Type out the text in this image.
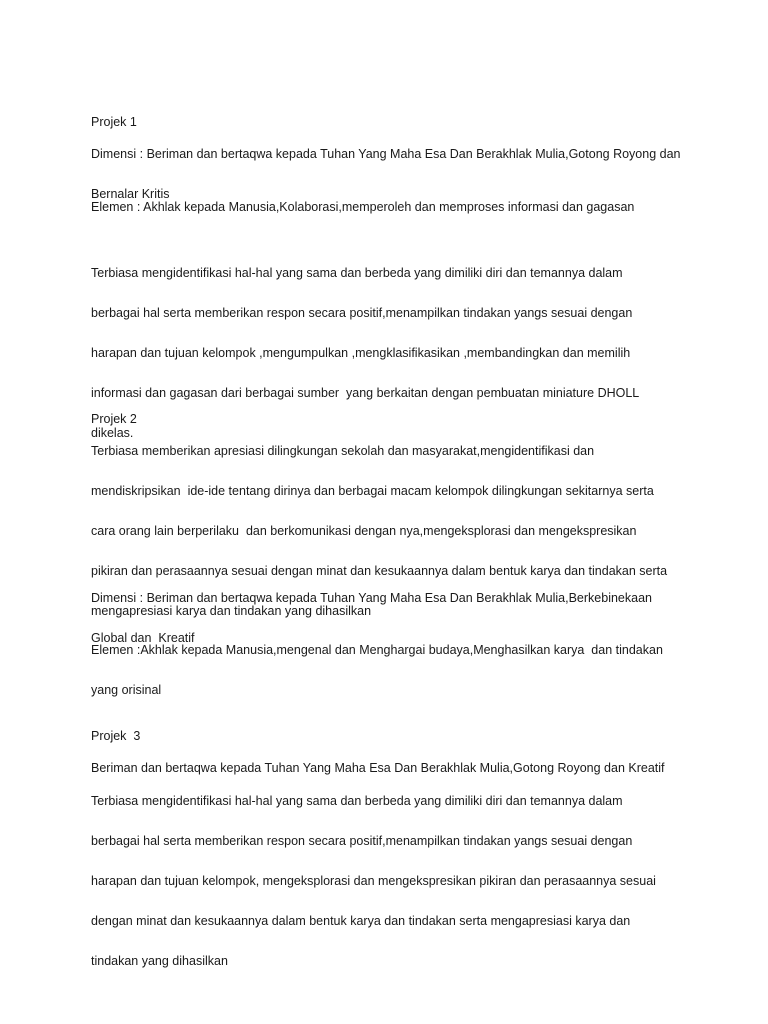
Projek 1

Dimensi : Beriman dan bertaqwa kepada Tuhan Yang Maha Esa Dan Berakhlak Mulia,Gotong Royong dan

Bernalar Kritis

Elemen : Akhlak kepada Manusia,Kolaborasi,memperoleh dan memproses informasi dan gagasan

Terbiasa mengidentifikasi hal-hal yang sama dan berbeda yang dimiliki diri dan temannya dalam

berbagai hal serta memberikan respon secara positif,menampilkan tindakan yangs sesuai dengan

harapan dan tujuan kelompok ,mengumpulkan ,mengklasifikasikan ,membandingkan dan memilih

informasi dan gagasan dari berbagai sumber  yang berkaitan dengan pembuatan miniature DHOLL

dikelas.

Projek 2

Terbiasa memberikan apresiasi dilingkungan sekolah dan masyarakat,mengidentifikasi dan

mendiskripsikan  ide-ide tentang dirinya dan berbagai macam kelompok dilingkungan sekitarnya serta

cara orang lain berperilaku  dan berkomunikasi dengan nya,mengeksplorasi dan mengekspresikan

pikiran dan perasaannya sesuai dengan minat dan kesukaannya dalam bentuk karya dan tindakan serta

mengapresiasi karya dan tindakan yang dihasilkan

Dimensi : Beriman dan bertaqwa kepada Tuhan Yang Maha Esa Dan Berakhlak Mulia,Berkebinekaan

Global dan  Kreatif

Elemen :Akhlak kepada Manusia,mengenal dan Menghargai budaya,Menghasilkan karya  dan tindakan

yang orisinal

Projek  3

Beriman dan bertaqwa kepada Tuhan Yang Maha Esa Dan Berakhlak Mulia,Gotong Royong dan Kreatif

Terbiasa mengidentifikasi hal-hal yang sama dan berbeda yang dimiliki diri dan temannya dalam

berbagai hal serta memberikan respon secara positif,menampilkan tindakan yangs sesuai dengan

harapan dan tujuan kelompok, mengeksplorasi dan mengekspresikan pikiran dan perasaannya sesuai

dengan minat dan kesukaannya dalam bentuk karya dan tindakan serta mengapresiasi karya dan

tindakan yang dihasilkan
